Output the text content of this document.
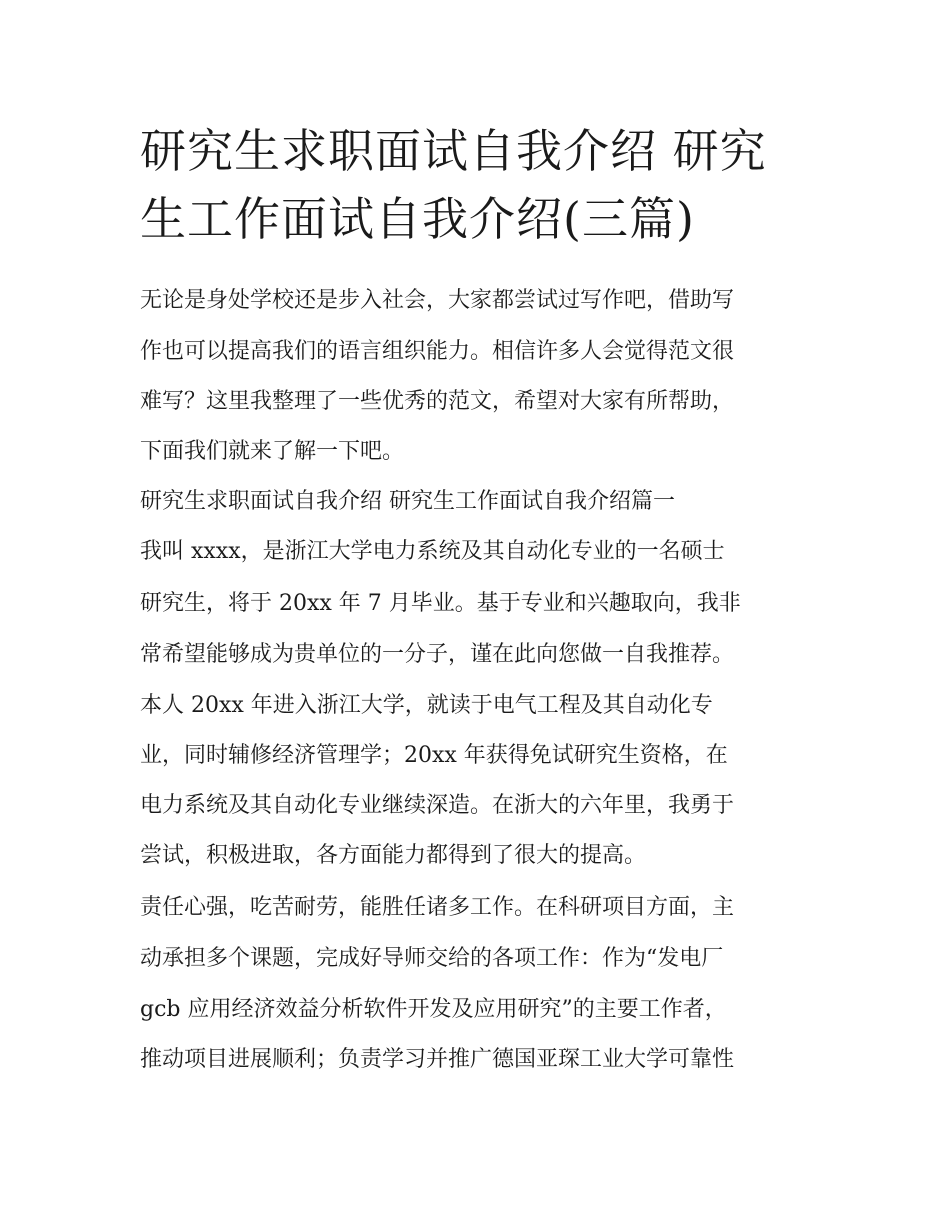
研究生求职面试自我介绍 研究
生工作面试自我介绍(三篇)

无论是身处学校还是步入社会，大家都尝试过写作吧，借助写

作也可以提高我们的语言组织能力。相信许多人会觉得范文很

难写？这里我整理了一些优秀的范文，希望对大家有所帮助，

下面我们就来了解一下吧。

研究生求职面试自我介绍 研究生工作面试自我介绍篇一

我叫 xxxx，是浙江大学电力系统及其自动化专业的一名硕士

研究生，将于 20xx 年 7 月毕业。基于专业和兴趣取向，我非

常希望能够成为贵单位的一分子，谨在此向您做一自我推荐。

本人 20xx 年进入浙江大学，就读于电气工程及其自动化专

业，同时辅修经济管理学；20xx 年获得免试研究生资格，在

电力系统及其自动化专业继续深造。在浙大的六年里，我勇于

尝试，积极进取，各方面能力都得到了很大的提高。

责任心强，吃苦耐劳，能胜任诸多工作。在科研项目方面，主

动承担多个课题，完成好导师交给的各项工作：作为“发电厂

gcb 应用经济效益分析软件开发及应用研究”的主要工作者，

推动项目进展顺利；负责学习并推广德国亚琛工业大学可靠性
